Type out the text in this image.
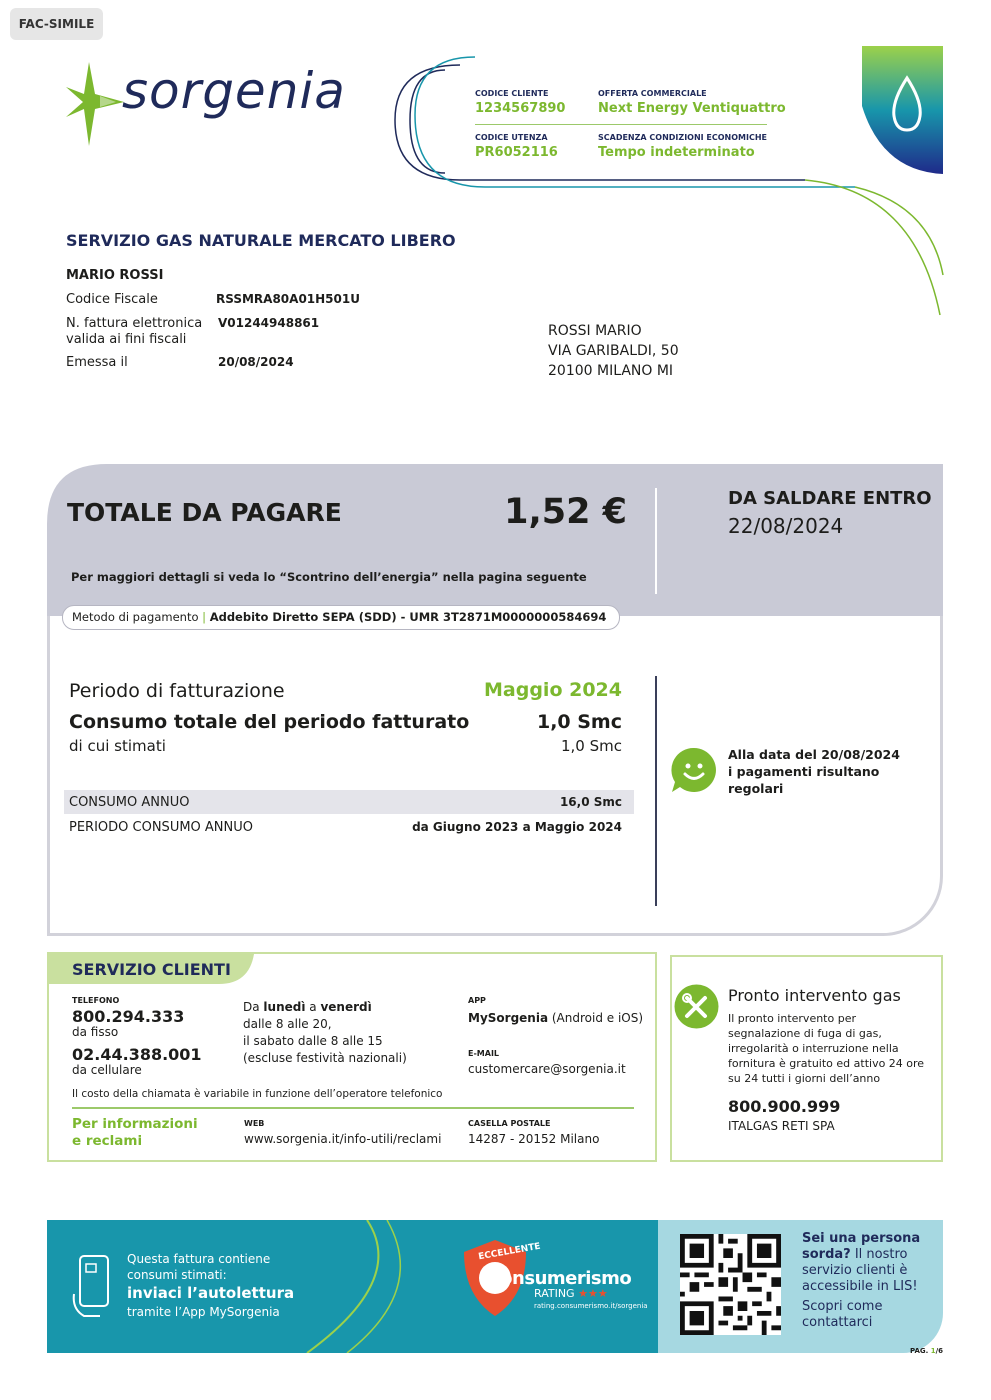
FAC-SIMILE
sorgenia	CODICE CLIENTE
1234567890
OFFERTA COMMERCIALE
Next Energy Ventiquattro
CODICE UTENZA
PR6052116
SCADENZA CONDIZIONI ECONOMICHE
Tempo indeterminato
SERVIZIO GAS NATURALE MERCATO LIBERO
MARIO ROSSI
Codice Fiscale	RSSMRA80A01H501U
N. fattura elettronica
valida ai fini fiscali
V01244948861
Emessa il	20/08/2024
ROSSI MARIO
VIA GARIBALDI, 50
20100 MILANO MI
TOTALE DA PAGARE	1,52 €	DA SALDARE ENTRO
22/08/2024
Per maggiori dettagli si veda lo “Scontrino dell’energia” nella pagina seguente
Metodo di pagamento | Addebito Diretto SEPA (SDD) - UMR 3T2871M0000000584694
Periodo di fatturazione	Maggio 2024
Consumo totale del periodo fatturato	1,0 Smc
di cui stimati	1,0 Smc
CONSUMO ANNUO	16,0 Smc
PERIODO CONSUMO ANNUO	da Giugno 2023 a Maggio 2024
Alla data del 20/08/2024
i pagamenti risultano
regolari
SERVIZIO CLIENTI
TELEFONO
800.294.333
da fisso
02.44.388.001
da cellulare
Da lunedì a venerdì
dalle 8 alle 20,
il sabato dalle 8 alle 15
(escluse festività nazionali)
APP
MySorgenia (Android e iOS)
E-MAIL
customercare@sorgenia.it
Il costo della chiamata è variabile in funzione dell’operatore telefonico
Per informazioni
e reclami
WEB
www.sorgenia.it/info-utili/reclami
CASELLA POSTALE
14287 - 20152 Milano
Pronto intervento gas
Il pronto intervento per
segnalazione di fuga di gas,
irregolarità o interruzione nella
fornitura è gratuito ed attivo 24 ore
su 24 tutti i giorni dell’anno
800.900.999
ITALGAS RETI SPA
Questa fattura contiene
consumi stimati:
inviaci l’autolettura
tramite l’App MySorgenia
ECCELLENTE
consumerismo
RATING ★★★
rating.consumerismo.it/sorgenia
Sei una persona
sorda? Il nostro
servizio clienti è
accessibile in LIS!
Scopri come
contattarci
PAG. 1/6
